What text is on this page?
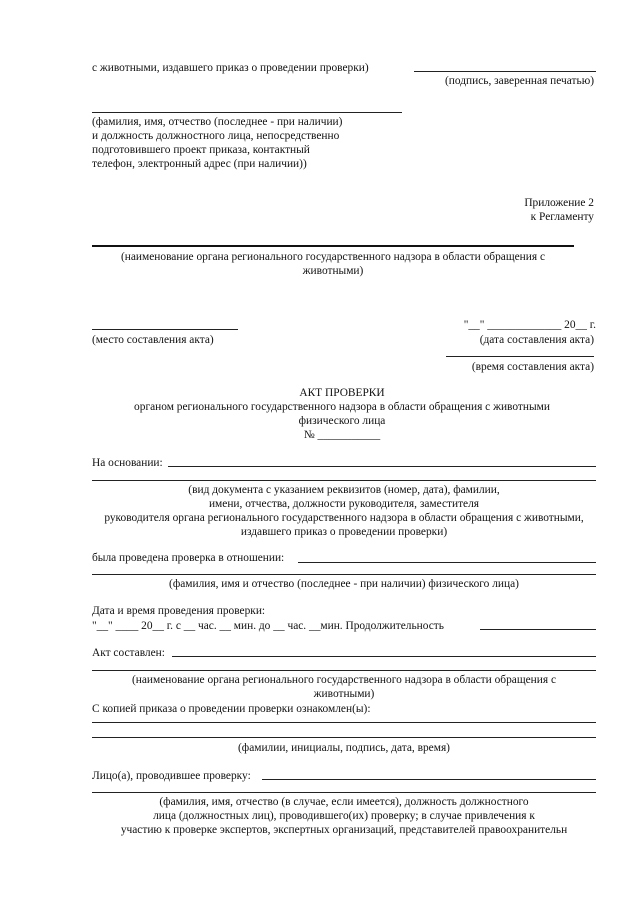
с животными, издавшего приказ о проведении проверки)
(подпись, заверенная печатью)
(фамилия, имя, отчество (последнее - при наличии)
и должность должностного лица, непосредственно
подготовившего проект приказа, контактный
телефон, электронный адрес (при наличии))
Приложение 2
к Регламенту
(наименование органа регионального государственного надзора в области обращения с
животными)
(место составления акта)
"__" _____________ 20__ г.
(дата составления акта)
(время составления акта)
АКТ ПРОВЕРКИ
органом регионального государственного надзора в области обращения с животными
физического лица
№ ___________
На основании:
(вид документа с указанием реквизитов (номер, дата), фамилии,
имени, отчества, должности руководителя, заместителя
руководителя органа регионального государственного надзора в области обращения с животными,
издавшего приказ о проведении проверки)
была проведена проверка в отношении:
(фамилия, имя и отчество (последнее - при наличии) физического лица)
Дата и время проведения проверки:
"__" ____ 20__ г. с __ час. __ мин. до __ час. __мин. Продолжительность
Акт составлен:
(наименование органа регионального государственного надзора в области обращения с
животными)
С копией приказа о проведении проверки ознакомлен(ы):
(фамилии, инициалы, подпись, дата, время)
Лицо(а), проводившее проверку:
(фамилия, имя, отчество (в случае, если имеется), должность должностного
лица (должностных лиц), проводившего(их) проверку; в случае привлечения к
участию к проверке экспертов, экспертных организаций, представителей правоохранительн
